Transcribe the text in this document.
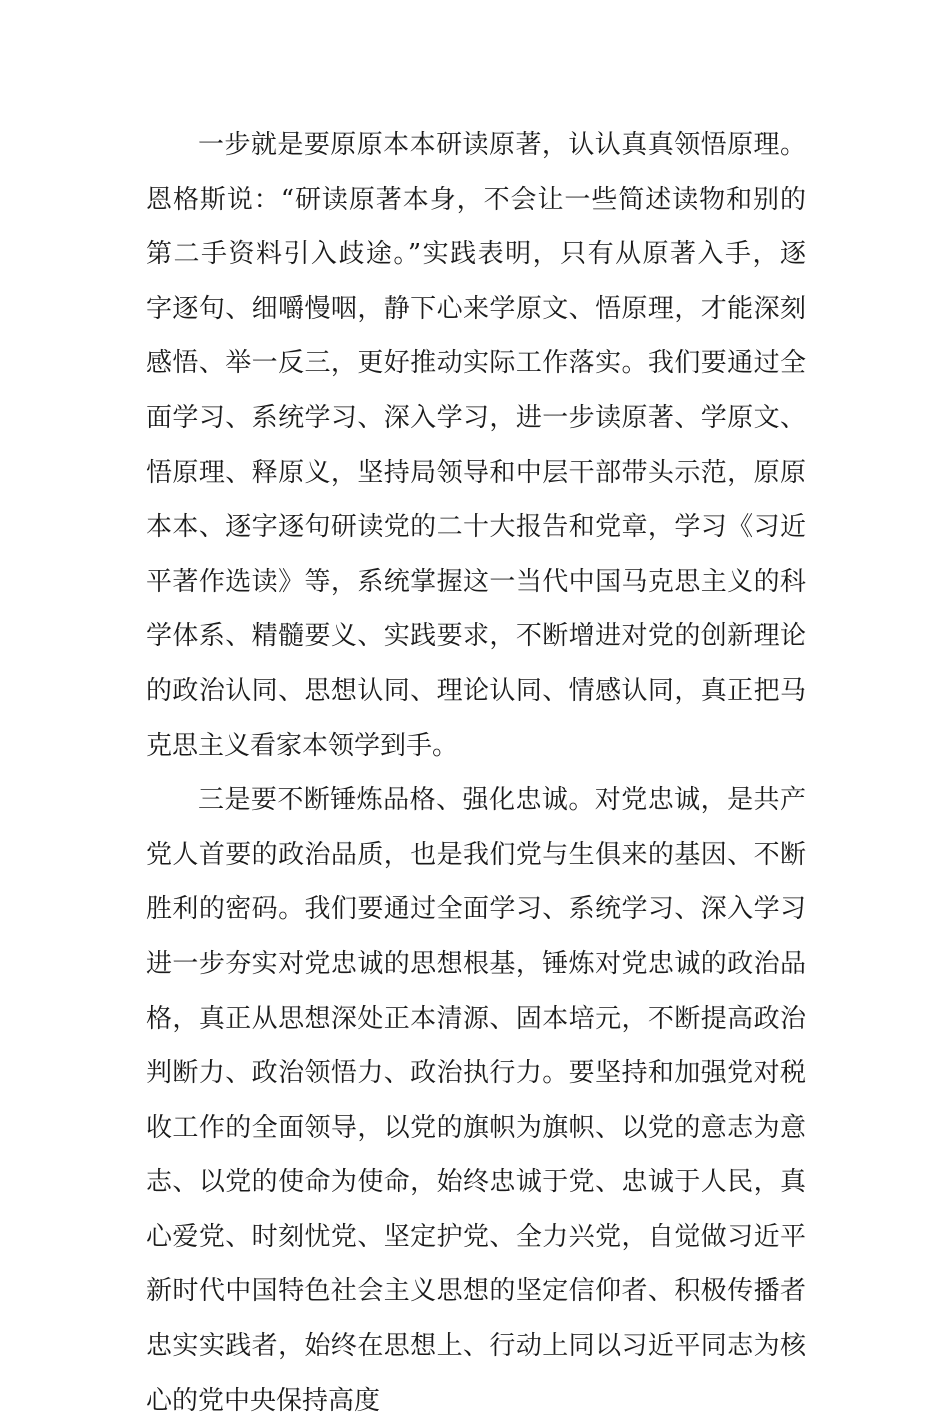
一步就是要原原本本研读原著，认认真真领悟原理。
恩格斯说：“研读原著本身，不会让一些简述读物和别的
第二手资料引入歧途。”实践表明，只有从原著入手，逐
字逐句、细嚼慢咽，静下心来学原文、悟原理，才能深刻
感悟、举一反三，更好推动实际工作落实。我们要通过全
面学习、系统学习、深入学习，进一步读原著、学原文、
悟原理、释原义，坚持局领导和中层干部带头示范，原原
本本、逐字逐句研读党的二十大报告和党章，学习《习近
平著作选读》等，系统掌握这一当代中国马克思主义的科
学体系、精髓要义、实践要求，不断增进对党的创新理论
的政治认同、思想认同、理论认同、情感认同，真正把马
克思主义看家本领学到手。
三是要不断锤炼品格、强化忠诚。对党忠诚，是共产
党人首要的政治品质，也是我们党与生俱来的基因、不断
胜利的密码。我们要通过全面学习、系统学习、深入学习
进一步夯实对党忠诚的思想根基，锤炼对党忠诚的政治品
格，真正从思想深处正本清源、固本培元，不断提高政治
判断力、政治领悟力、政治执行力。要坚持和加强党对税
收工作的全面领导，以党的旗帜为旗帜、以党的意志为意
志、以党的使命为使命，始终忠诚于党、忠诚于人民，真
心爱党、时刻忧党、坚定护党、全力兴党，自觉做习近平
新时代中国特色社会主义思想的坚定信仰者、积极传播者
忠实实践者，始终在思想上、行动上同以习近平同志为核
心的党中央保持高度
